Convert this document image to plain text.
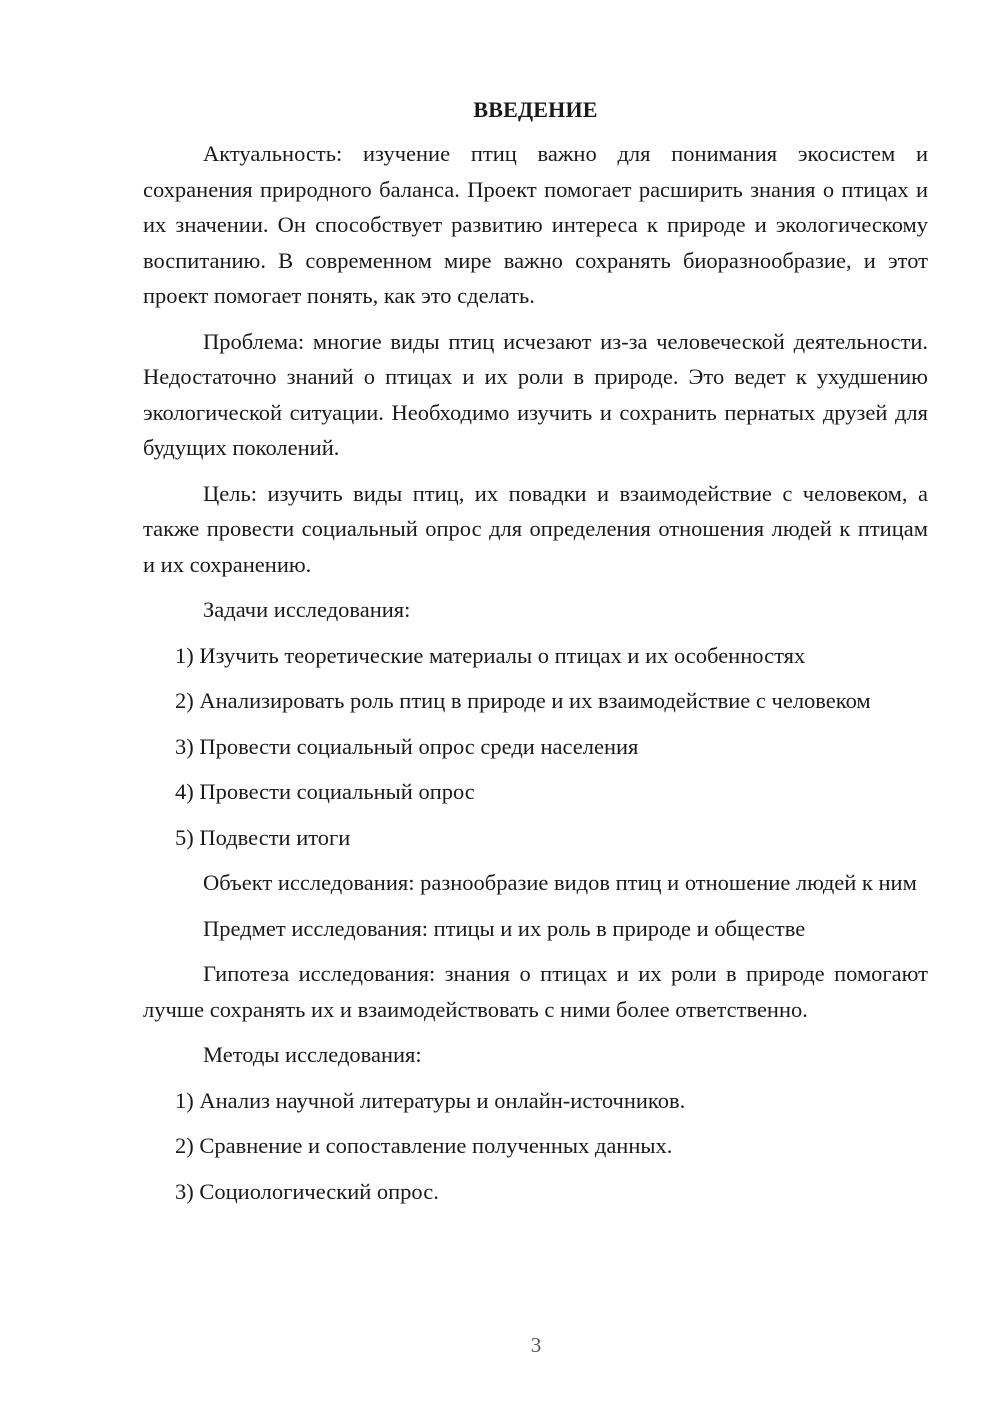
ВВЕДЕНИЕ

Актуальность: изучение птиц важно для понимания экосистем и сохранения природного баланса. Проект помогает расширить знания о птицах и их значении. Он способствует развитию интереса к природе и экологическому воспитанию. В современном мире важно сохранять биоразнообразие, и этот проект помогает понять, как это сделать.

Проблема: многие виды птиц исчезают из-за человеческой деятельности. Недостаточно знаний о птицах и их роли в природе. Это ведет к ухудшению экологической ситуации. Необходимо изучить и сохранить пернатых друзей для будущих поколений.

Цель: изучить виды птиц, их повадки и взаимодействие с человеком, а также провести социальный опрос для определения отношения людей к птицам и их сохранению.

Задачи исследования:

1) Изучить теоретические материалы о птицах и их особенностях

2) Анализировать роль птиц в природе и их взаимодействие с человеком

3) Провести социальный опрос среди населения

4) Провести социальный опрос

5) Подвести итоги

Объект исследования: разнообразие видов птиц и отношение людей к ним

Предмет исследования: птицы и их роль в природе и обществе

Гипотеза исследования: знания о птицах и их роли в природе помогают лучше сохранять их и взаимодействовать с ними более ответственно.

Методы исследования:

1) Анализ научной литературы и онлайн-источников.

2) Сравнение и сопоставление полученных данных.

3) Социологический опрос.

3
